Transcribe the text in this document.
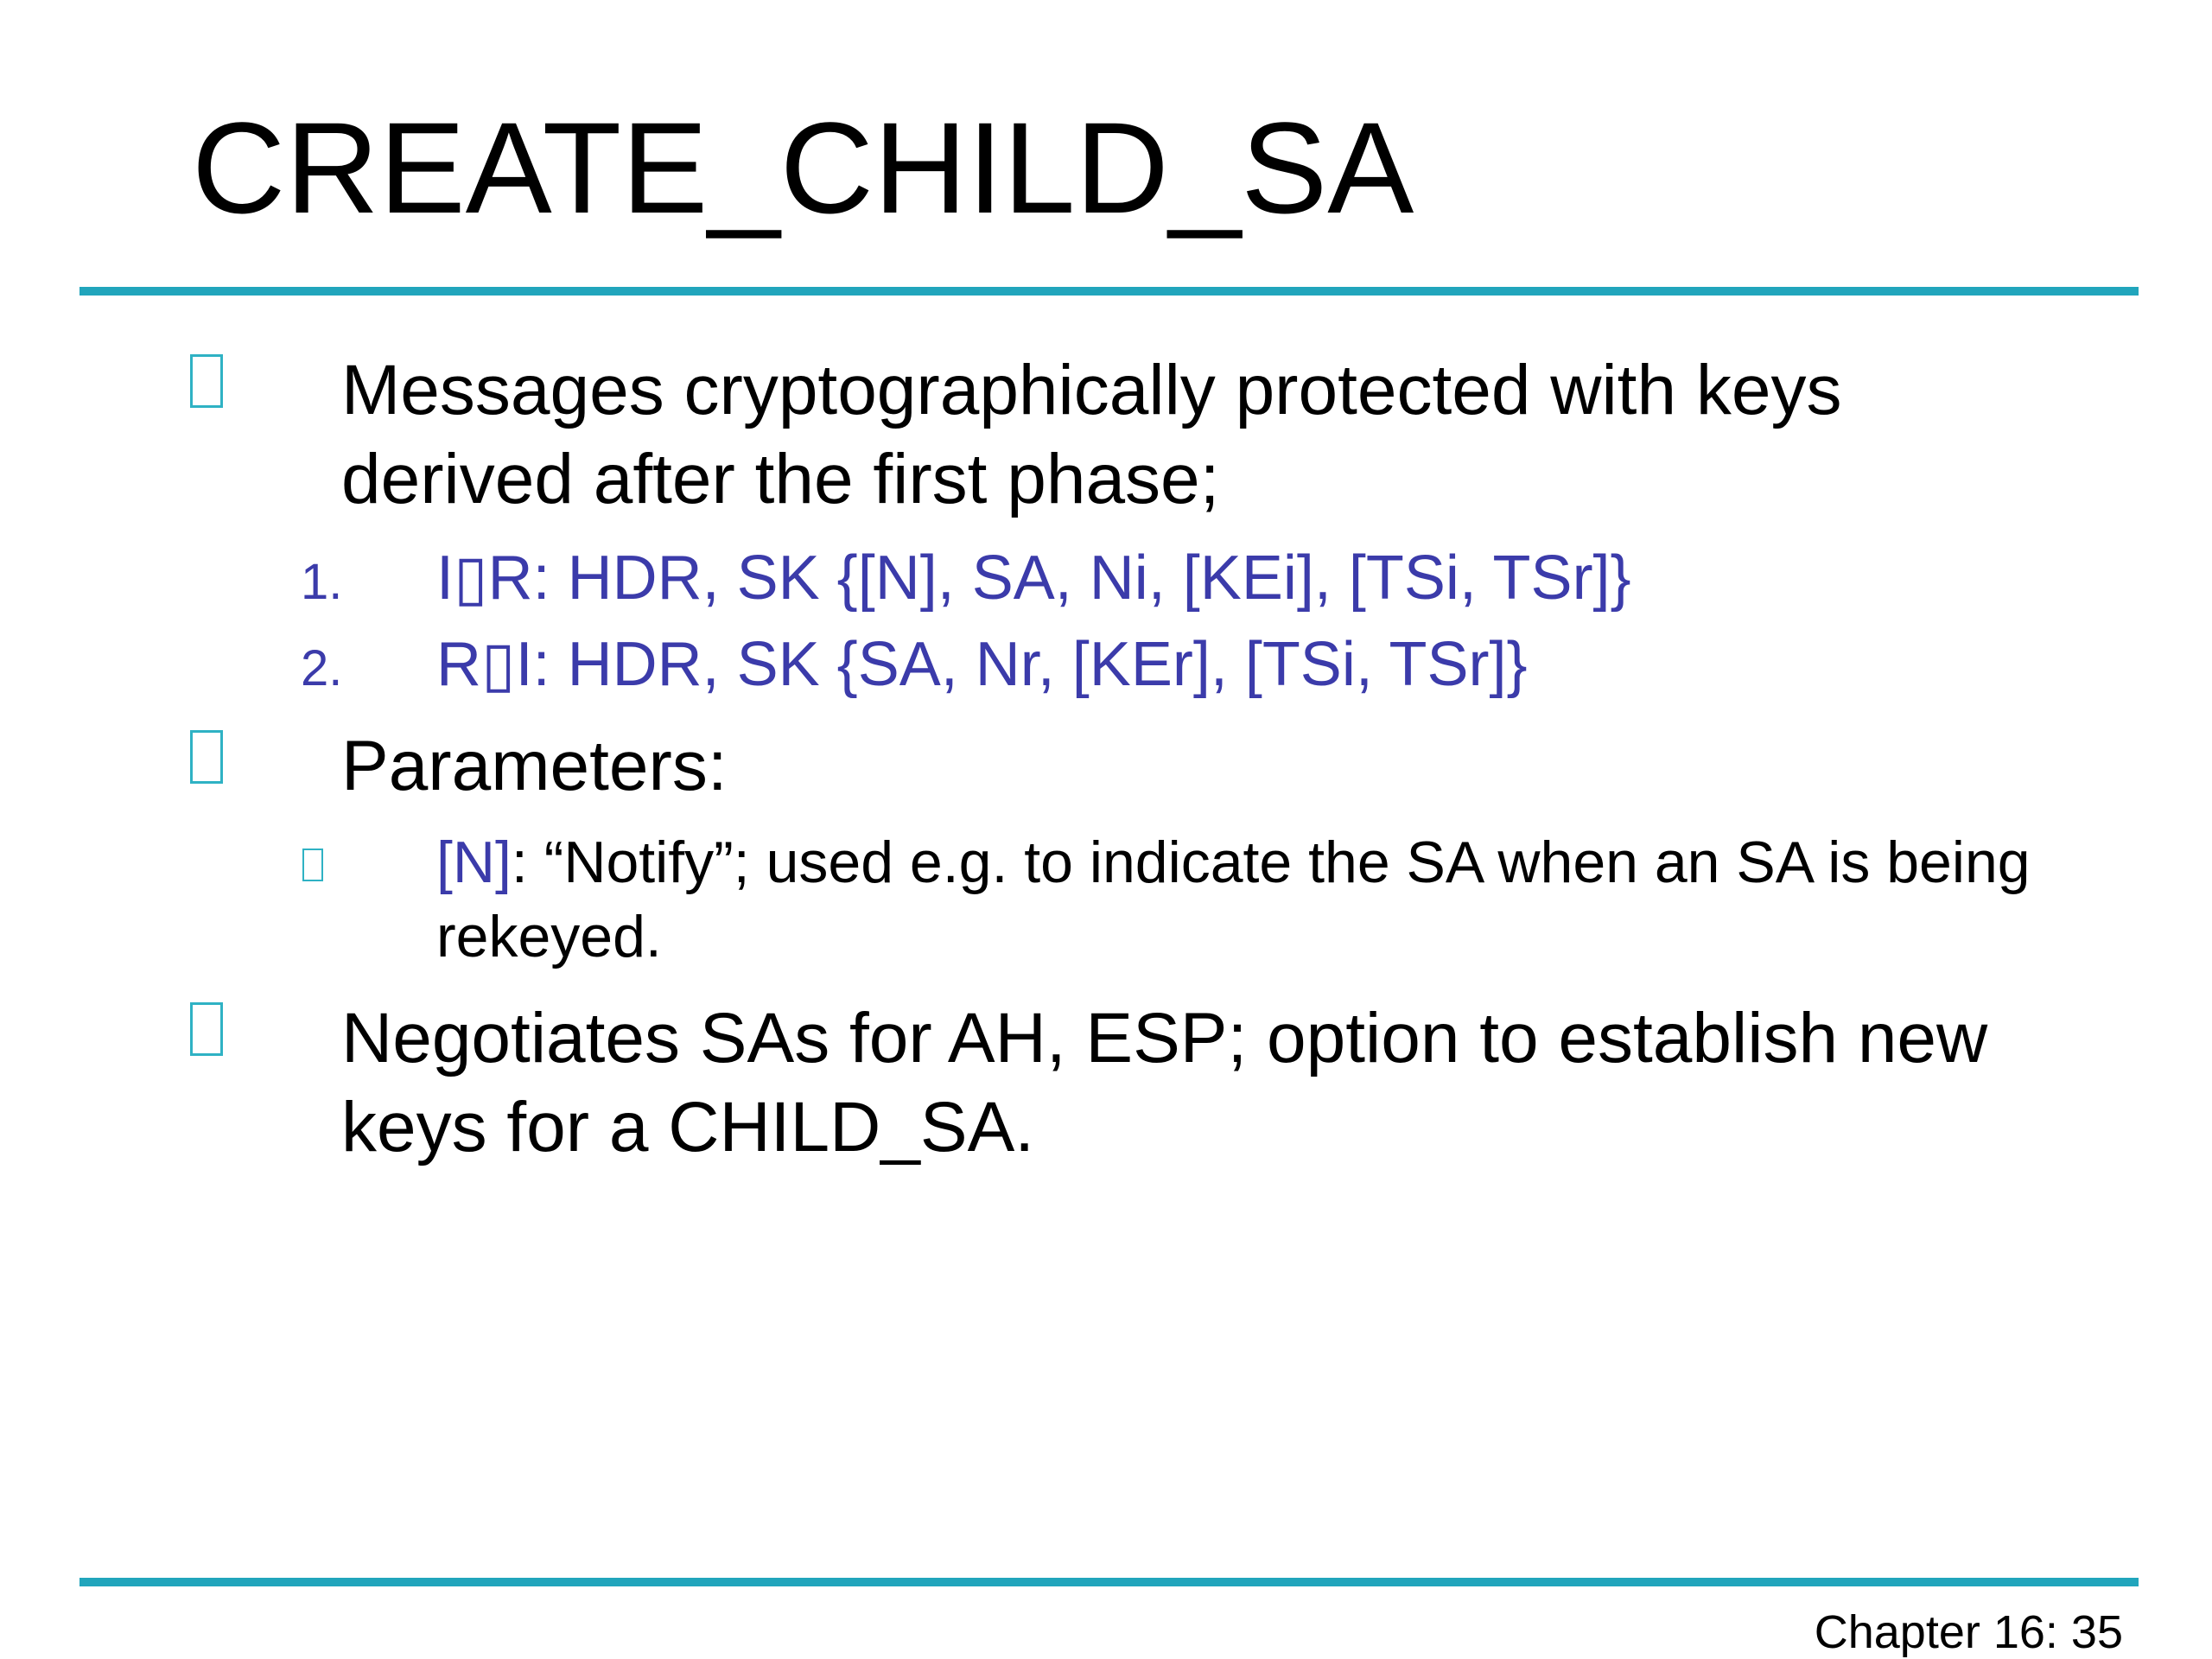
CREATE_CHILD_SA
Messages cryptographically protected with keys derived after the first phase;
1. I▯R: HDR, SK {[N], SA, Ni, [KEi], [TSi, TSr]}
2. R▯I: HDR, SK {SA, Nr, [KEr], [TSi, TSr]}
Parameters:
[N]: “Notify”; used e.g. to indicate the SA when an SA is being rekeyed.
Negotiates SAs for AH, ESP; option to establish new keys for a CHILD_SA.
Chapter 16: 35
